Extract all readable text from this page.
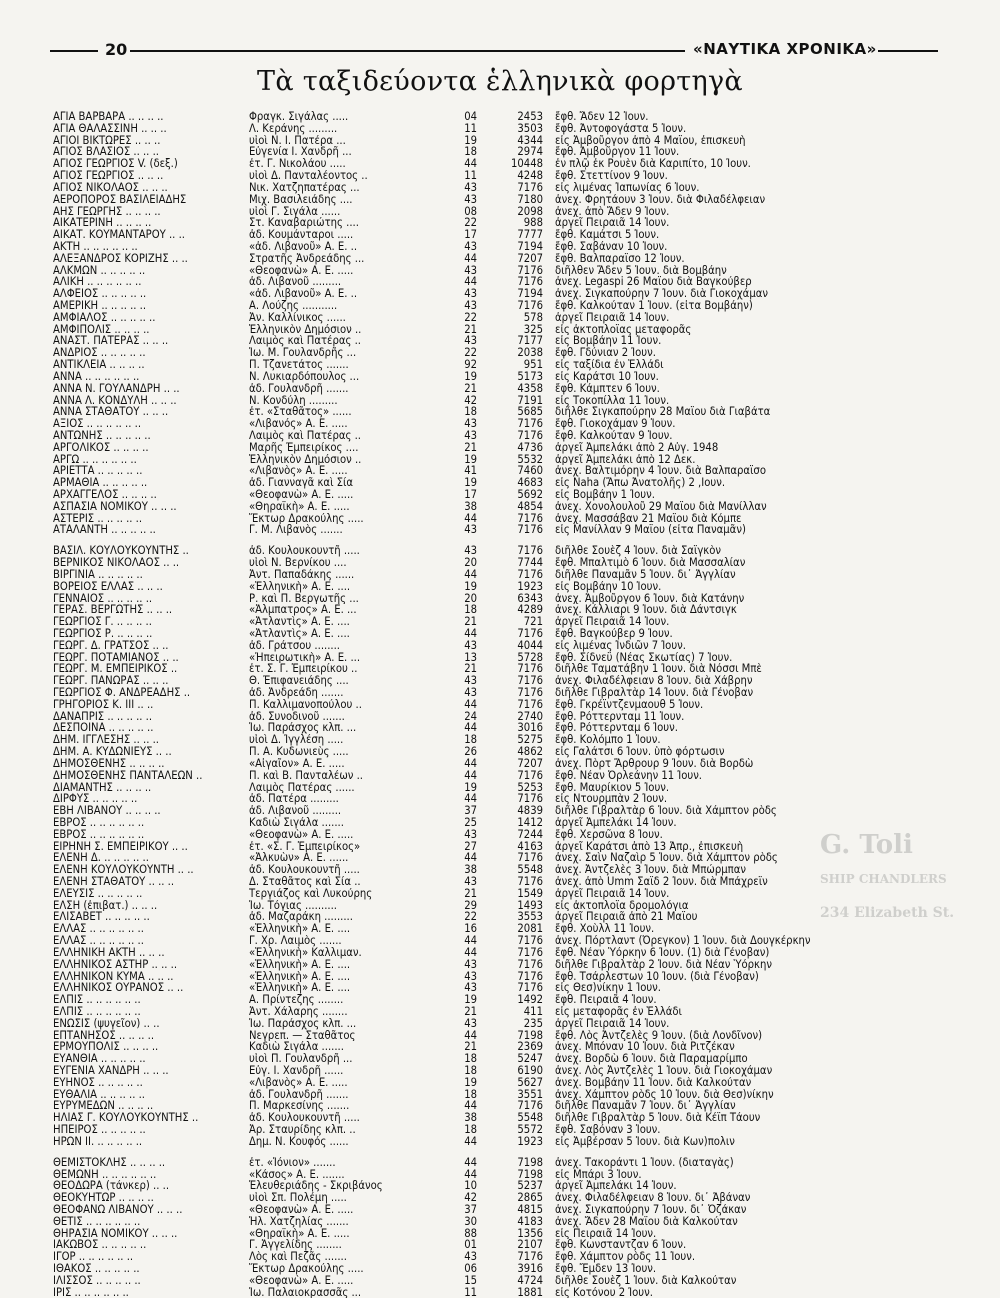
20	«ΝΑΥΤΙΚΑ ΧΡΟΝΙΚΑ»
Τὰ ταξιδεύοντα ἑλληνικὰ φορτηγὰ
G. Toli
SHIP CHANDLERS
234 Elizabeth St.
ΑΓΙΑ ΒΑΡΒΑΡΑ .. .. .. ..	Φραγκ. Σιγάλας .....	04	2453	ἔφθ. Ἄδεν 12 Ἰουν.
ΑΓΙΑ ΘΑΛΑΣΣΙΝΗ .. .. ..	Λ. Κεράνης .........	11	3503	ἔφθ. Ἀντοφογάστα 5 Ἰουν.
ΑΓΙΟΙ ΒΙΚΤΩΡΕΣ .. .. ..	υἱοὶ Ν. Ι. Πατέρα ...	19	4344	εἰς Ἀμβοῦργον ἀπὸ 4 Μαΐου, ἐπισκευὴ
ΑΓΙΟΣ ΒΛΑΣΙΟΣ .. .. ..	Εὐγενία Ι. Χανδρῆ ...	18	2974	ἔφθ. Ἀμβοῦργον 11 Ἰουν.
ΑΓΙΟΣ ΓΕΩΡΓΙΟΣ V. (δεξ.)	ἐτ. Γ. Νικολάου .....	44	10448	ἐν πλῷ ἐκ Ρουὲν διὰ Καριπίτο, 10 Ἰουν.
ΑΓΙΟΣ ΓΕΩΡΓΙΟΣ .. .. ..	υἱοὶ Δ. Πανταλέοντος ..	11	4248	ἔφθ. Στεττίνον 9 Ἰουν.
ΑΓΙΟΣ ΝΙΚΟΛΑΟΣ .. .. ..	Νικ. Χατζηπατέρας ...	43	7176	εἰς λιμένας Ἰαπωνίας 6 Ἰουν.
ΑΕΡΟΠΟΡΟΣ ΒΑΣΙΛΕΙΑΔΗΣ	Μιχ. Βασιλειάδης ....	43	7180	ἀνεχ. Φρητάουν 3 Ἰουν. διὰ Φιλαδέλφειαν
ΑΗΣ ΓΕΩΡΓΗΣ .. .. .. ..	υἱοὶ Γ. Σιγάλα ......	08	2098	ἀνεχ. ἀπὸ Ἄδεν 9 Ἰουν.
ΑΙΚΑΤΕΡΙΝΗ .. .. .. ..	Στ. Καναβαριώτης ....	22	988	ἀργεῖ Πειραιᾶ 14 Ἰουν.
ΑΙΚΑΤ. ΚΟΥΜΑΝΤΑΡΟΥ .. ..	ἀδ. Κουμάνταροι .....	17	7777	ἔφθ. Καμάτσι 5 Ἰουν.
ΑΚΤΗ .. .. .. .. .. ..	«ἀδ. Λιβανοῦ» Α. Ε. ..	43	7194	ἔφθ. Σαβάναν 10 Ἰουν.
ΑΛΕΞΑΝΔΡΟΣ ΚΟΡΙΖΗΣ .. ..	Στρατῆς Ἀνδρεάδης ...	44	7207	ἔφθ. Βαλπαραΐσο 12 Ἰουν.
ΑΛΚΜΩΝ .. .. .. .. ..	«Θεοφανὼ» Α. Ε. .....	43	7176	διῆλθεν Ἄδεν 5 Ἰουν. διὰ Βομβάην
ΑΛΙΚΗ .. .. .. .. .. ..	ἀδ. Λιβανοῦ .........	44	7176	ἀνεχ. Legaspi 26 Μαΐου διὰ Βαγκούβερ
ΑΛΦΕΙΟΣ .. .. .. .. ..	«ἀδ. Λιβανοῦ» Α. Ε. ..	43	7194	ἀνεχ. Σιγκαπούρην 7 Ἰουν. διὰ Γιοκοχάμαν
ΑΜΕΡΙΚΗ .. .. .. .. ..	Α. Λούζης ...........	43	7176	ἔφθ. Καλκούταν 1 Ἰουν. (εἶτα Βομβάην)
ΑΜΦΙΑΛΟΣ .. .. .. .. ..	Ἀν. Καλλίνικος ......	22	578	ἀργεῖ Πειραιᾶ 14 Ἰουν.
ΑΜΦΙΠΟΛΙΣ .. .. .. ..	Ἑλληνικὸν Δημόσιον ..	21	325	εἰς ἀκτοπλοΐας μεταφορᾶς
ΑΝΑΣΤ. ΠΑΤΕΡΑΣ .. .. ..	Λαιμὸς καὶ Πατέρας ..	43	7177	εἰς Βομβάην 11 Ἰουν.
ΑΝΔΡΙΟΣ .. .. .. .. ..	Ἰω. Μ. Γουλανδρῆς ...	22	2038	ἔφθ. Γδύνιαν 2 Ἰουν.
ΑΝΤΙΚΛΕΙΑ .. .. .. ..	Π. Τζανετάτος .......	92	951	εἰς ταξίδια ἐν Ἑλλάδι
ΑΝΝΑ .. .. .. .. .. ..	Ν. Λυκιαρδόπουλος ...	19	5173	εἰς Καράτσι 10 Ἰουν.
ΑΝΝΑ Ν. ΓΟΥΛΑΝΔΡΗ .. ..	ἀδ. Γουλανδρῆ .......	21	4358	ἔφθ. Κάμπτεν 6 Ἰουν.
ΑΝΝΑ Λ. ΚΟΝΔΥΛΗ .. .. ..	Ν. Κονδύλη .........	42	7191	εἰς Τοκοπίλλα 11 Ἰουν.
ΑΝΝΑ ΣΤΑΘΑΤΟΥ .. .. ..	ἐτ. «Σταθᾶτος» ......	18	5685	διῆλθε Σιγκαπούρην 28 Μαΐου διὰ Γιαβάτα
ΑΞΙΟΣ .. .. .. .. .. ..	«Λιβανός» Α. Ε. .....	43	7176	ἔφθ. Γιοκοχάμαν 9 Ἰουν.
ΑΝΤΩΝΗΣ .. .. .. .. ..	Λαιμὸς καὶ Πατέρας ..	43	7176	ἔφθ. Καλκούταν 9 Ἰουν.
ΑΡΓΟΛΙΚΟΣ .. .. .. ..	Μαρῆς Ἐμπειρίκος ....	21	4736	ἀργεῖ Ἀμπελάκι ἀπὸ 2 Αὐγ. 1948
ΑΡΓΩ .. .. .. .. .. ..	Ἑλληνικὸν Δημόσιον ..	19	5532	ἀργεῖ Ἀμπελάκι ἀπὸ 12 Δεκ.
ΑΡΙΕΤΤΑ .. .. .. .. ..	«Λιβανὸς» Α. Ε. .....	41	7460	ἀνεχ. Βαλτιμόρην 4 Ἰουν. διὰ Βαλπαραΐσο
ΑΡΜΑΘΙΑ .. .. .. .. ..	ἀδ. Γιανναγᾶ καὶ Σία	19	4683	εἰς Naha (Ἄπω Ἀνατολῆς) 2 ,Ιουν.
ΑΡΧΑΓΓΕΛΟΣ .. .. .. ..	«Θεοφανὼ» Α. Ε. .....	17	5692	εἰς Βομβάην 1 Ἰουν.
ΑΣΠΑΣΙΑ ΝΟΜΙΚΟΥ .. .. ..	«Θηραϊκὴ» Α. Ε. .....	38	4854	ἀνεχ. Χονολουλοῦ 29 Μαΐου διὰ Μανίλλαν
ΑΣΤΕΡΙΣ .. .. .. .. ..	Ἕκτωρ Δρακούλης .....	44	7176	ἀνεχ. Μασσάβαν 21 Μαΐου διὰ Κόμπε
ΑΤΑΛΑΝΤΗ .. .. .. .. ..	Γ. Μ. Λιβανὸς .......	43	7176	εἰς Μανίλλαν 9 Μαΐου (εἶτα Παναμᾶν)

ΒΑΣΙΛ. ΚΟΥΛΟΥΚΟΥΝΤΗΣ ..	ἀδ. Κουλουκουντῆ .....	43	7176	διῆλθε Σουὲζ 4 Ἰουν. διὰ Σαϊγκὸν
ΒΕΡΝΙΚΟΣ ΝΙΚΟΛΑΟΣ .. ..	υἱοὶ Ν. Βερνίκου ....	20	7744	ἔφθ. Μπαλτιμὸ 6 Ἰουν. διὰ Μασσαλίαν
ΒΙΡΓΙΝΙΑ .. .. .. .. ..	Ἀντ. Παπαδάκης ......	44	7176	διῆλθε Παναμᾶν 5 Ἰουν. δι᾽ Ἀγγλίαν
ΒΟΡΕΙΟΣ ΕΛΛΑΣ .. .. ..	«Ἑλληνικὴ» Α. Ε. ....	19	1923	εἰς Βομβάην 10 Ἰουν.
ΓΕΝΝΑΙΟΣ .. .. .. .. ..	Ρ. καὶ Π. Βεργωτῆς ...	20	6343	ἀνεχ. Ἀμβοῦργον 6 Ἰουν. διὰ Κατάνην
ΓΕΡΑΣ. ΒΕΡΓΩΤΗΣ .. .. ..	«Ἀλμπατρος» Α. Ε. ...	18	4289	ἀνεχ. Κάλλιαρι 9 Ἰουν. διὰ Δάντσιγκ
ΓΕΩΡΓΙΟΣ Γ. .. .. .. ..	«Ἀτλαντὶς» Α. Ε. ....	21	721	ἀργεῖ Πειραιᾶ 14 Ἰουν.
ΓΕΩΡΓΙΟΣ Ρ. .. .. .. ..	«Ἀτλαντὶς» Α. Ε. ....	44	7176	ἔφθ. Βαγκούβερ 9 Ἰουν.
ΓΕΩΡΓ. Δ. ΓΡΑΤΣΟΣ .. ..	ἀδ. Γράτσου ........	43	4044	εἰς λιμένας Ἰνδιῶν 7 Ἰουν.
ΓΕΩΡΓ. ΠΟΤΑΜΙΑΝΟΣ .. ..	«Ἠπειρωτικὴ» Α. Ε. ...	13	5728	ἔφθ. Σίδνεϋ (Νέας Σκωτίας) 7 Ἰουν.
ΓΕΩΡΓ. Μ. ΕΜΠΕΙΡΙΚΟΣ ..	ἐτ. Σ. Γ. Ἐμπειρίκου ..	21	7176	διῆλθε Ταματάβην 1 Ἰουν. διὰ Νόσσι Μπὲ
ΓΕΩΡΓ. ΠΑΝΩΡΑΣ .. .. ..	Θ. Ἐπιφανειάδης ....	43	7176	ἀνεχ. Φιλαδέλφειαν 8 Ἰουν. διὰ Χάβρην
ΓΕΩΡΓΙΟΣ Φ. ΑΝΔΡΕΑΔΗΣ ..	ἀδ. Ἀνδρεάδη .......	43	7176	διῆλθε Γιβραλτὰρ 14 Ἰουν. διὰ Γένοβαν
ΓΡΗΓΟΡΙΟΣ Κ. ΙΙΙ .. ..	Π. Καλλιμανοπούλου ..	44	7176	ἔφθ. Γκρέϊντζενμαουθ 5 Ἰουν.
ΔΑΝΑΠΡΙΣ .. .. .. .. ..	ἀδ. Συνοδινοῦ .......	24	2740	ἔφθ. Ρόττερνταμ 11 Ἰουν.
ΔΕΣΠΟΙΝΑ .. .. .. .. ..	Ἰω. Παράσχος κλπ. ...	44	3016	ἔφθ. Ρόττερνταμ 6 Ἰουν.
ΔΗΜ. ΙΓΓΛΕΣΗΣ .. .. ..	υἱοὶ Δ. Ἰγγλέση .....	18	5275	ἔφθ. Κολόμπο 1 Ἰουν.
ΔΗΜ. Α. ΚΥΔΩΝΙΕΥΣ .. ..	Π. Α. Κυδωνιεὺς .....	26	4862	εἰς Γαλάτσι 6 Ἰουν. ὑπὸ φόρτωσιν
ΔΗΜΟΣΘΕΝΗΣ .. .. .. ..	«Αἰγαῖον» Α. Ε. .....	44	7207	ἀνεχ. Πὸρτ Ἄρθρουρ 9 Ἰουν. διὰ Βορδὼ
ΔΗΜΟΣΘΕΝΗΣ ΠΑΝΤΑΛΕΩΝ ..	Π. καὶ Β. Πανταλέων ..	44	7176	ἔφθ. Νέαν Ὀρλεάνην 11 Ἰουν.
ΔΙΑΜΑΝΤΗΣ .. .. .. ..	Λαιμὸς Πατέρας ......	19	5253	ἔφθ. Μαυρίκιον 5 Ἰουν.
ΔΙΡΦΥΣ .. .. .. .. ..	ἀδ. Πατέρα .........	44	7176	εἰς Ντουρμπὰν 2 Ἰουν.
ΕΒΗ ΛΙΒΑΝΟΥ .. .. .. ..	ἀδ. Λιβανοῦ .........	37	4839	διῆλθε Γιβραλτὰρ 6 Ἰουν. διὰ Χάμπτον ρὸδς
ΕΒΡΟΣ .. .. .. .. .. ..	Καδιὼ Σιγάλα .......	25	1412	ἀργεῖ Ἀμπελάκι 14 Ἰουν.
ΕΒΡΟΣ .. .. .. .. .. ..	«Θεοφανὼ» Α. Ε. .....	43	7244	ἔφθ. Χερσῶνα 8 Ἰουν.
ΕΙΡΗΝΗ Σ. ΕΜΠΕΙΡΙΚΟΥ .. ..	ἐτ. «Σ. Γ. Ἐμπειρίκος»	27	4163	ἀργεῖ Καράτσι ἀπὸ 13 Ἀπρ., ἐπισκευὴ
ΕΛΕΝΗ Δ. .. .. .. .. ..	«Ἀλκυὼν» Α. Ε. ......	44	7176	ἀνεχ. Σαὶν Ναζαὶρ 5 Ἰουν. διὰ Χάμπτον ρὸδς
ΕΛΕΝΗ ΚΟΥΛΟΥΚΟΥΝΤΗ .. ..	ἀδ. Κουλουκουντῆ .....	38	5548	ἀνεχ. Ἀντζελὲς 3 Ἰουν. διὰ Μπώρμπαν
ΕΛΕΝΗ ΣΤΑΘΑΤΟΥ .. .. ..	Δ. Σταθᾶτος καὶ Σία ..	43	7176	ἀνεχ. ἀπὸ Umm Σαΐδ 2 Ἰουν. διὰ Μπάχρεϊν
ΕΛΕΥΣΙΣ .. .. .. .. ..	Τεργιάζος καὶ Λυκούρης	21	1549	ἀργεῖ Πειραιᾶ 14 Ἰουν.
ΕΛΣΗ (ἐπιβατ.) .. .. ..	Ἰω. Τόγιας ..........	29	1493	εἰς ἀκτοπλοΐα δρομολόγια
ΕΛΙΣΑΒΕΤ .. .. .. .. ..	ἀδ. Μαζαράκη .........	22	3553	ἀργεῖ Πειραιᾶ ἀπὸ 21 Μαΐου
ΕΛΛΑΣ .. .. .. .. .. ..	«Ἑλληνικὴ» Α. Ε. ....	16	2081	ἔφθ. Χοὺλλ 11 Ἰουν.
ΕΛΛΑΣ .. .. .. .. .. ..	Γ. Χρ. Λαιμὸς .......	44	7176	ἀνεχ. Πόρτλαντ (Ὀρεγκον) 1 Ἰουν. διὰ Δουγκέρκην
ΕΛΛΗΝΙΚΗ ΑΚΤΗ .. .. ..	«Ἑλληνικὴ» Καλλιμαν.	44	7176	ἔφθ. Νέαν Ὑόρκην 6 Ἰουν. (1) διὰ Γένοβαν)
ΕΛΛΗΝΙΚΟΣ ΑΣΤΗΡ .. .. ..	«Ἑλληνικὴ» Α. Ε. ....	43	7176	διῆλθε Γιβραλτὰρ 2 Ἰουν. διὰ Νέαν Ὑόρκην
ΕΛΛΗΝΙΚΟΝ ΚΥΜΑ .. .. ..	«Ἑλληνικὴ» Α. Ε. ....	43	7176	ἔφθ. Τσάρλεστων 10 Ἰουν. (διὰ Γένοβαν)
ΕΛΛΗΝΙΚΟΣ ΟΥΡΑΝΟΣ .. ..	«Ἑλληνικὴ» Α. Ε. ....	43	7176	εἰς Θεσ)νίκην 1 Ἰουν.
ΕΛΠΙΣ .. .. .. .. .. ..	Α. Πρίντεζης ........	19	1492	ἔφθ. Πειραιᾶ 4 Ἰουν.
ΕΛΠΙΣ .. .. .. .. .. ..	Ἀντ. Χάλαρης ........	21	411	εἰς μεταφορᾶς ἐν Ἑλλάδι
ΕΝΩΣΙΣ (ψυγεῖον) .. ..	Ἰω. Παράσχος κλπ. ...	43	235	ἀργεῖ Πειραιᾶ 14 Ἰουν.
ΕΠΤΑΝΗΣΟΣ .. .. .. ..	Νεγρεπ. — Σταθᾶτος	44	7198	ἔφθ. Λὸς Ἀντζελὲς 9 Ἰουν. (διὰ Λονδῖνον)
ΕΡΜΟΥΠΟΛΙΣ .. .. .. ..	Καδιὼ Σιγάλα .......	21	2369	ἀνεχ. Μπόναν 10 Ἰουν. διὰ Ριτζέκαν
ΕΥΑΝΘΙΑ .. .. .. .. ..	υἱοὶ Π. Γουλανδρῆ ...	18	5247	ἀνεχ. Βορδὼ 6 Ἰουν. διὰ Παραμαρίμπο
ΕΥΓΕΝΙΑ ΧΑΝΔΡΗ .. .. ..	Εὐγ. Ι. Χανδρῆ ......	18	6190	ἀνεχ. Λὸς Ἀντζελὲς 1 Ἰουν. διὰ Γιοκοχάμαν
ΕΥΗΝΟΣ .. .. .. .. ..	«Λιβανὸς» Α. Ε. .....	19	5627	ἀνεχ. Βομβάην 11 Ἰουν. διὰ Καλκούταν
ΕΥΘΑΛΙΑ .. .. .. .. ..	ἀδ. Γουλανδρῆ .......	18	3551	ἀνεχ. Χάμπτον ρὸδς 10 Ἰουν. διὰ Θεσ)νίκην
ΕΥΡΥΜΕΔΩΝ .. .. .. ..	Π. Μαρκεσίνης .......	44	7176	διῆλθε Παναμᾶν 7 Ἰουν. δι᾽ Ἀγγλίαν
ΗΛΙΑΣ Γ. ΚΟΥΛΟΥΚΟΥΝΤΗΣ ..	ἀδ. Κουλουκουντῆ .....	38	5548	διῆλθε Γιβραλτὰρ 5 Ἰουν. διὰ Κέϊπ Τάουν
ΗΠΕΙΡΟΣ .. .. .. .. ..	Ἀρ. Σταυρίδης κλπ. ..	18	5572	ἔφθ. Σαβόναν 3 Ἰουν.
ΗΡΩΝ ΙΙ. .. .. .. .. ..	Δημ. Ν. Κουφός ......	44	1923	εἰς Ἀμβέρσαν 5 Ἰουν. διὰ Κων)πολιν

ΘΕΜΙΣΤΟΚΛΗΣ .. .. .. ..	ἐτ. «Ἰόνιον» .......	44	7198	ἀνεχ. Τακοράντι 1 Ἰουν. (διαταγὰς)
ΘΕΜΩΝΗ .. .. .. .. .. ..	«Κάσος» Α. Ε. .......	44	7198	εἰς Μπάρι 3 Ἰουν.
ΘΕΟΔΩΡΑ (τάνκερ) .. ..	Ἐλευθεριάδης - Σκριβάνος	10	5237	ἀργεῖ Ἀμπελάκι 14 Ἰουν.
ΘΕΟΚΥΗΤΩΡ .. .. .. ..	υἱοὶ Σπ. Πολέμη .....	42	2865	ἀνεχ. Φιλαδέλφειαν 8 Ἰουν. δι᾽ Ἀβάναν
ΘΕΟΦΑΝΩ ΛΙΒΑΝΟΥ .. .. ..	«Θεοφανὼ» Α. Ε. .....	37	4815	ἀνεχ. Σιγκαπούρην 7 Ἰουν. δι᾽ Ὀζάκαν
ΘΕΤΙΣ .. .. .. .. .. ..	Ἠλ. Χατζηλίας .......	30	4183	ἀνεχ. Ἄδεν 28 Μαΐου διὰ Καλκούταν
ΘΗΡΑΣΙΑ ΝΟΜΙΚΟΥ .. .. ..	«Θηραϊκὴ» Α. Ε. .....	88	1356	εἰς Πειραιᾶ 14 Ἰουν.
ΙΑΚΩΒΟΣ .. .. .. .. ..	Γ. Ἀγγελίδης ........	01	2107	ἔφθ. Κωνσταντζαν 6 Ἰουν.
ΙΓΟΡ .. .. .. .. .. ..	Λὸς καὶ Πεζᾶς .......	43	7176	ἔφθ. Χάμπτον ρὸδς 11 Ἰουν.
ΙΘΑΚΟΣ .. .. .. .. ..	Ἕκτωρ Δρακούλης .....	06	3916	ἔφθ. Ἔμδεν 13 Ἰουν.
ΙΛΙΣΣΟΣ .. .. .. .. ..	«Θεοφανὼ» Α. Ε. .....	15	4724	διῆλθε Σουὲζ 1 Ἰουν. διὰ Καλκούταν
ΙΡΙΣ .. .. .. .. .. ..	Ἰω. Παλαιοκρασσᾶς ...	11	1881	εἰς Κοτόνου 2 Ἰουν.
